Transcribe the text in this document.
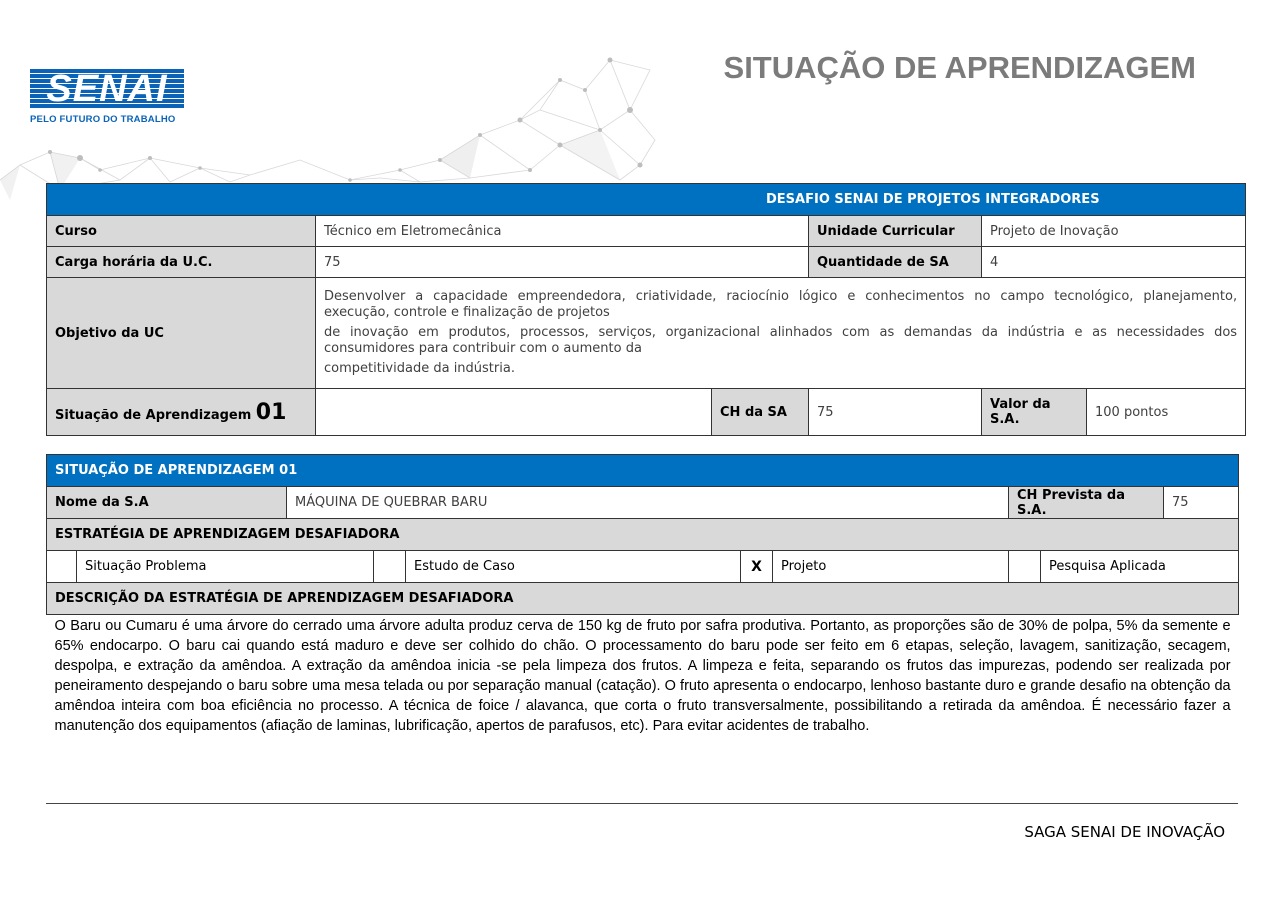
SENAI
PELO FUTURO DO TRABALHO
SITUAÇÃO DE APRENDIZAGEM
DESAFIO SENAI DE PROJETOS INTEGRADORES					
Curso	Técnico em Eletromecânica		Unidade Curricular	Projeto de Inovação	
Carga horária da U.C.	75		Quantidade de SA	4	
Objetivo da UC	Desenvolver a capacidade empreendedora, criatividade, raciocínio lógico e conhecimentos no campo tecnológico, planejamento, execução, controle e finalização de projetos

de inovação em produtos, processos, serviços, organizacional alinhados com as demandas da indústria e as necessidades dos consumidores para contribuir com o aumento da

competitividade da indústria.				

Situação de Aprendizagem 01		CH da SA	75	Valor da S.A.	100 pontos
SITUAÇÃO DE APRENDIZAGEM 01								
Nome da S.A		MÁQUINA DE QUEBRAR BARU					CH Prevista da S.A. 75	

ESTRATÉGIA DE APRENDIZAGEM DESAFIADORA								
	Situação Problema			Estudo de Caso	X	Projeto		Pesquisa Aplicada
DESCRIÇÃO DA ESTRATÉGIA DE APRENDIZAGEM DESAFIADORA								

O Baru ou Cumaru é uma árvore do cerrado uma árvore adulta produz cerva de 150 kg de fruto por safra produtiva. Portanto, as proporções são de 30% de polpa, 5% da semente e 65% endocarpo. O baru cai quando está maduro e deve ser colhido do chão. O processamento do baru pode ser feito em 6 etapas, seleção, lavagem, sanitização, secagem, despolpa, e extração da amêndoa. A extração da amêndoa inicia -se pela limpeza dos frutos. A limpeza e feita, separando os frutos das impurezas, podendo ser realizada por peneiramento despejando o baru sobre uma mesa telada ou por separação manual (catação). O fruto apresenta o endocarpo, lenhoso bastante duro e grande desafio na obtenção da amêndoa inteira com boa eficiência no processo. A técnica de foice / alavanca, que corta o fruto transversalmente, possibilitando a retirada da amêndoa. É necessário fazer a manutenção dos equipamentos (afiação de laminas, lubrificação, apertos de parafusos, etc). Para evitar acidentes de trabalho.								
SAGA SENAI DE INOVAÇÃO
